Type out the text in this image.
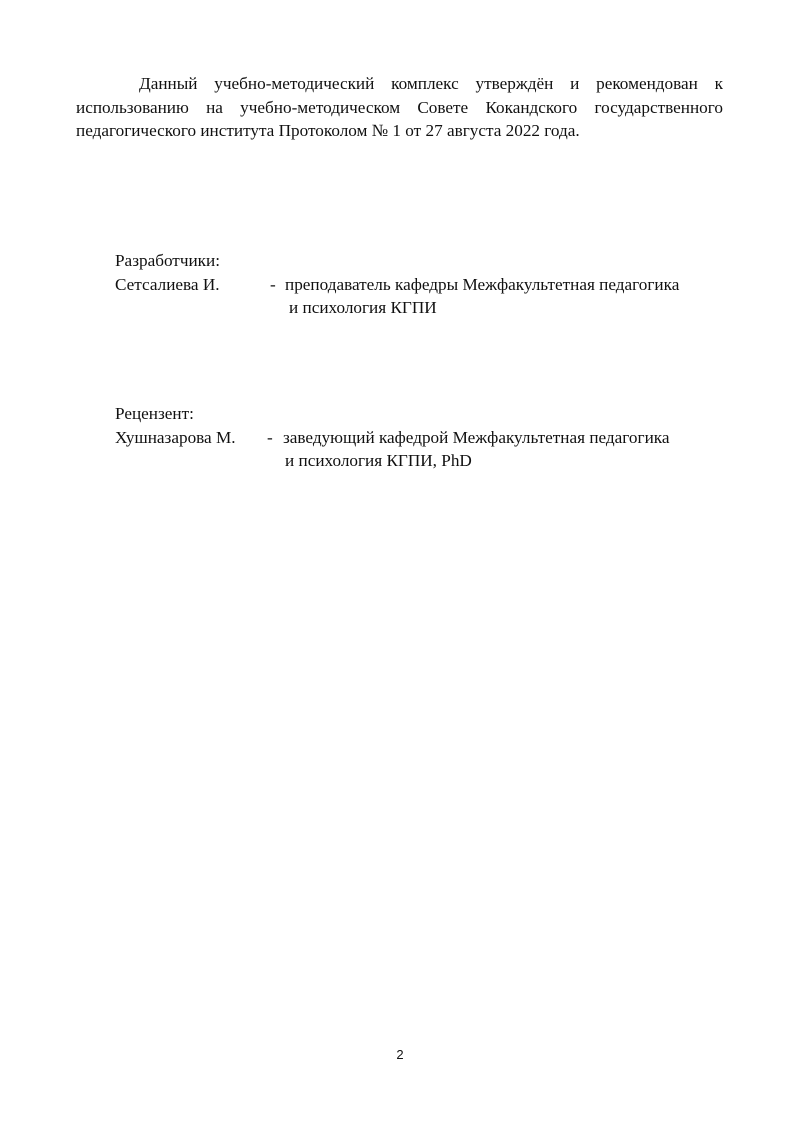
Данный учебно-методический комплекс утверждён и рекомендован к использованию на учебно-методическом Совете Кокандского государственного педагогического института Протоколом № 1 от 27 августа 2022 года.

Разработчики:
Сетсалиева И.	- преподаватель кафедры Межфакультетная педагогика
и психология КГПИ
Рецензент:
Хушназарова М. - заведующий кафедрой Межфакультетная педагогика
и психология КГПИ, PhD
2
